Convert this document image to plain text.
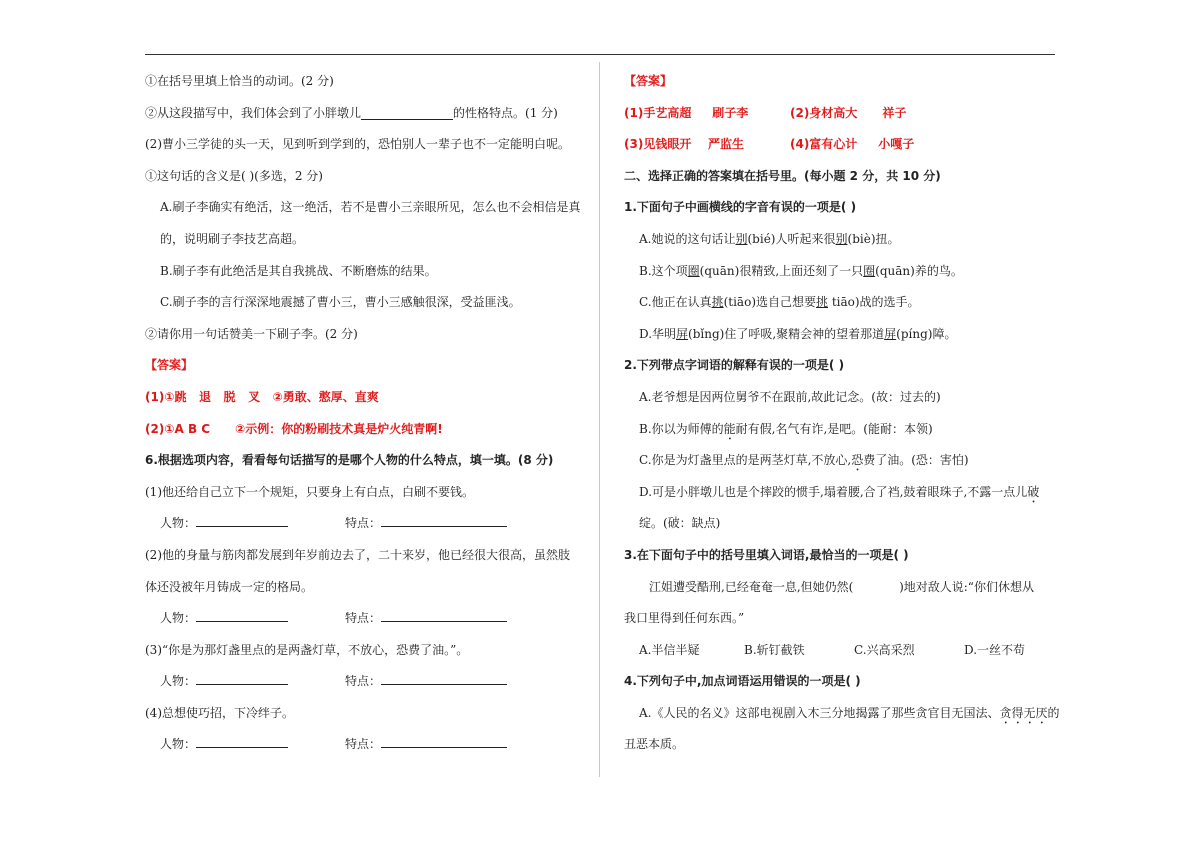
①在括号里填上恰当的动词。(2 分)
②从这段描写中，我们体会到了小胖墩儿	的性格特点。(1 分)
(2)曹小三学徒的头一天，见到听到学到的，恐怕别人一辈子也不一定能明白呢。
①这句话的含义是( )(多选，2 分)
A.刷子李确实有绝活，这一绝活，若不是曹小三亲眼所见，怎么也不会相信是真
的，说明刷子李技艺高超。
B.刷子李有此绝活是其自我挑战、不断磨炼的结果。
C.刷子李的言行深深地震撼了曹小三，曹小三感触很深，受益匪浅。
②请你用一句话赞美一下刷子李。(2 分)
【答案】
(1)①跳   退   脱   叉   ②勇敢、憨厚、直爽
(2)①A B C      ②示例：你的粉刷技术真是炉火纯青啊!
6.根据选项内容，看看每句话描写的是哪个人物的什么特点，填一填。(8 分)
(1)他还给自己立下一个规矩，只要身上有白点，白刷不要钱。
人物：	特点：
(2)他的身量与筋肉都发展到年岁前边去了，二十来岁，他已经很大很高，虽然肢
体还没被年月铸成一定的格局。
人物：	特点：
(3)“你是为那灯盏里点的是两盏灯草，不放心，恐费了油。”。
人物：	特点：
(4)总想使巧招，下冷绊子。
人物：	特点：
【答案】
(1)手艺高超     刷子李          (2)身材高大      祥子
(3)见钱眼开    严监生           (4)富有心计     小嘎子
二、选择正确的答案填在括号里。(每小题 2 分，共 10 分)
1.下面句子中画横线的字音有误的一项是( )
A.她说的这句话让别(bié)人听起来很别(biè)扭。
B.这个项圈(quān)很精致,上面还刻了一只圈(quān)养的鸟。
C.他正在认真挑(tiāo)选自己想要挑 tiāo)战的选手。
D.华明屏(bǐng)住了呼吸,聚精会神的望着那道屏(píng)障。
2.下列带点字词语的解释有误的一项是( )
A.老爷想是因两位舅爷不在跟前,故此记念。(故：过去的)
B.你以为师傅的能耐有假,名气有诈,是吧。(能耐：本领)
C.你是为灯盏里点的是两茎灯草,不放心,恐费了油。(恐：害怕)
D.可是小胖墩儿也是个摔跤的惯手,塌着腰,合了裆,鼓着眼珠子,不露一点儿破
绽。(破：缺点)
3.在下面句子中的括号里填入词语,最恰当的一项是( )
江姐遭受酷刑,已经奄奄一息,但她仍然(            )地对敌人说:“你们休想从
我口里得到任何东西。”
A.半信半疑	B.斩钉截铁	C.兴高采烈	D.一丝不苟
4.下列句子中,加点词语运用错误的一项是( )
A.《人民的名义》这部电视剧入木三分地揭露了那些贪官目无国法、贪得无厌的
丑恶本质。
